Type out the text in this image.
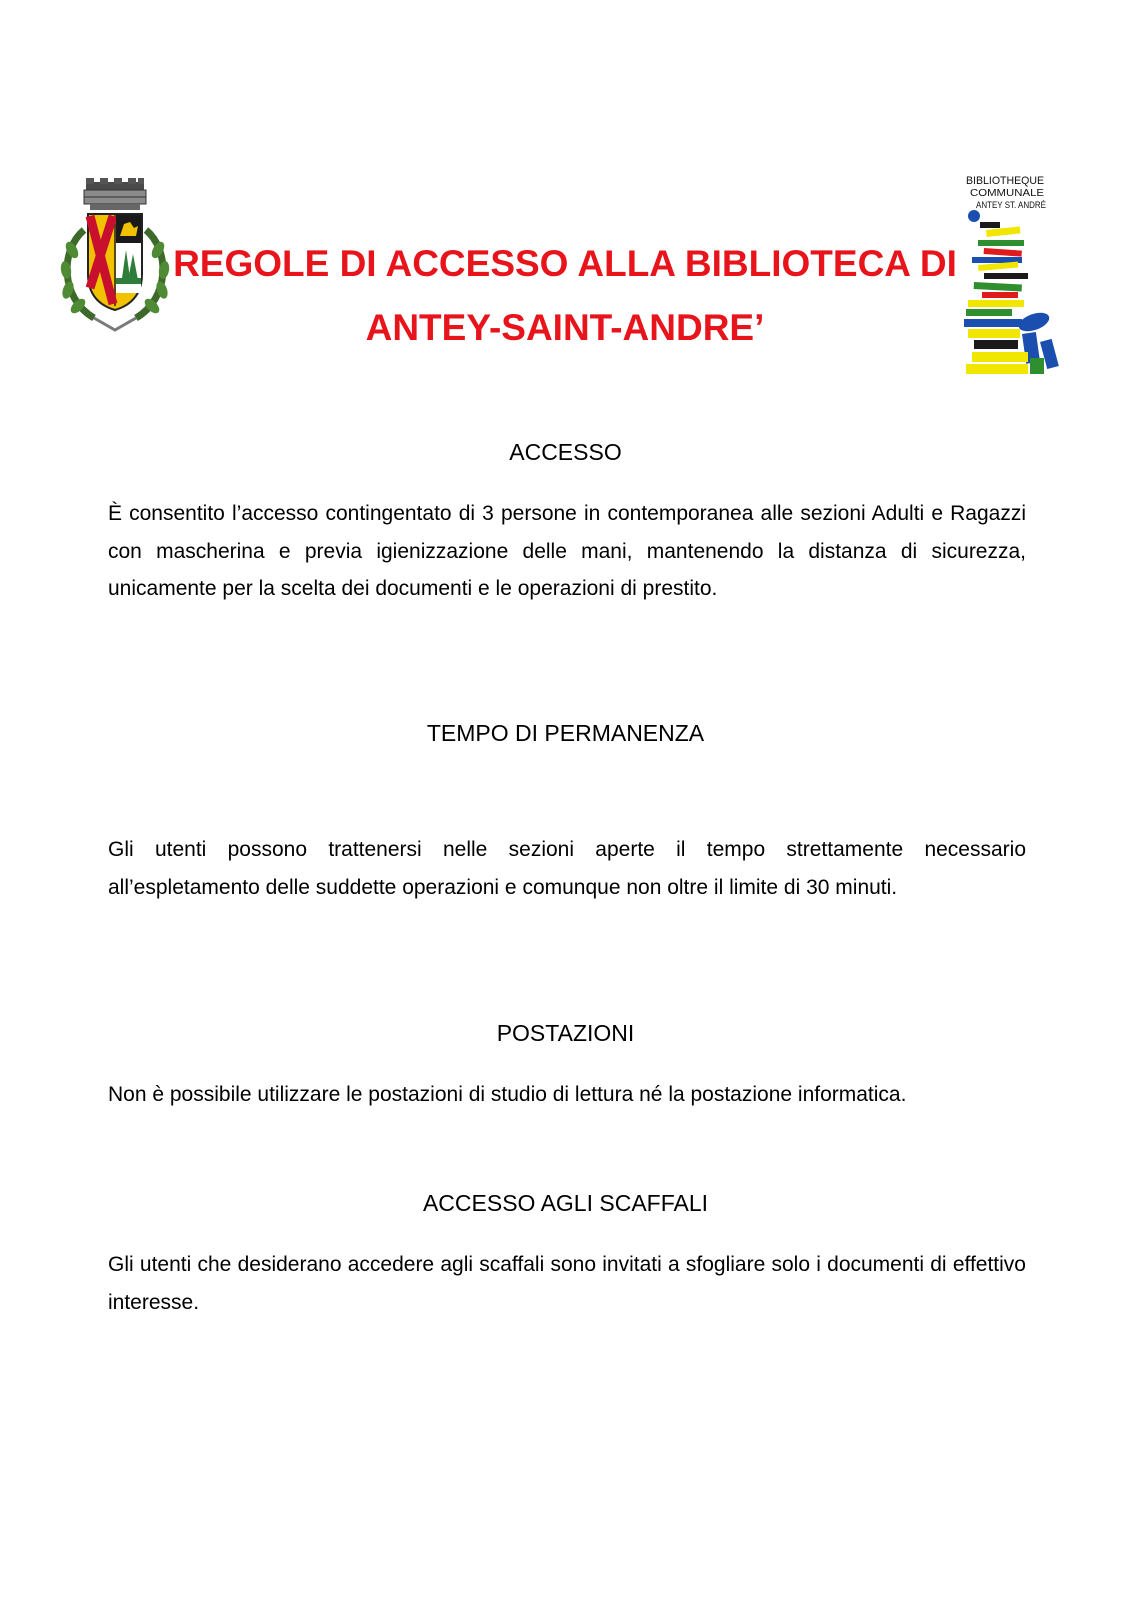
REGOLE DI ACCESSO ALLA BIBLIOTECA DI
ANTEY-SAINT-ANDRE’
BIBLIOTHEQUE
COMMUNALE
ANTEY ST. ANDRÉ
ACCESSO
È consentito l’accesso contingentato di 3 persone in contemporanea alle sezioni Adulti e Ragazzi con mascherina e previa igienizzazione delle mani, mantenendo la distanza di sicurezza, unicamente per la scelta dei documenti e le operazioni di prestito.
TEMPO DI PERMANENZA
Gli utenti possono trattenersi nelle sezioni aperte il tempo strettamente necessario all’espletamento delle suddette operazioni e comunque non oltre il limite di 30 minuti.
POSTAZIONI
Non è possibile utilizzare le postazioni di studio di lettura né la postazione informatica.
ACCESSO AGLI SCAFFALI
Gli utenti che desiderano accedere agli scaffali sono invitati a sfogliare solo i documenti di effettivo interesse.
